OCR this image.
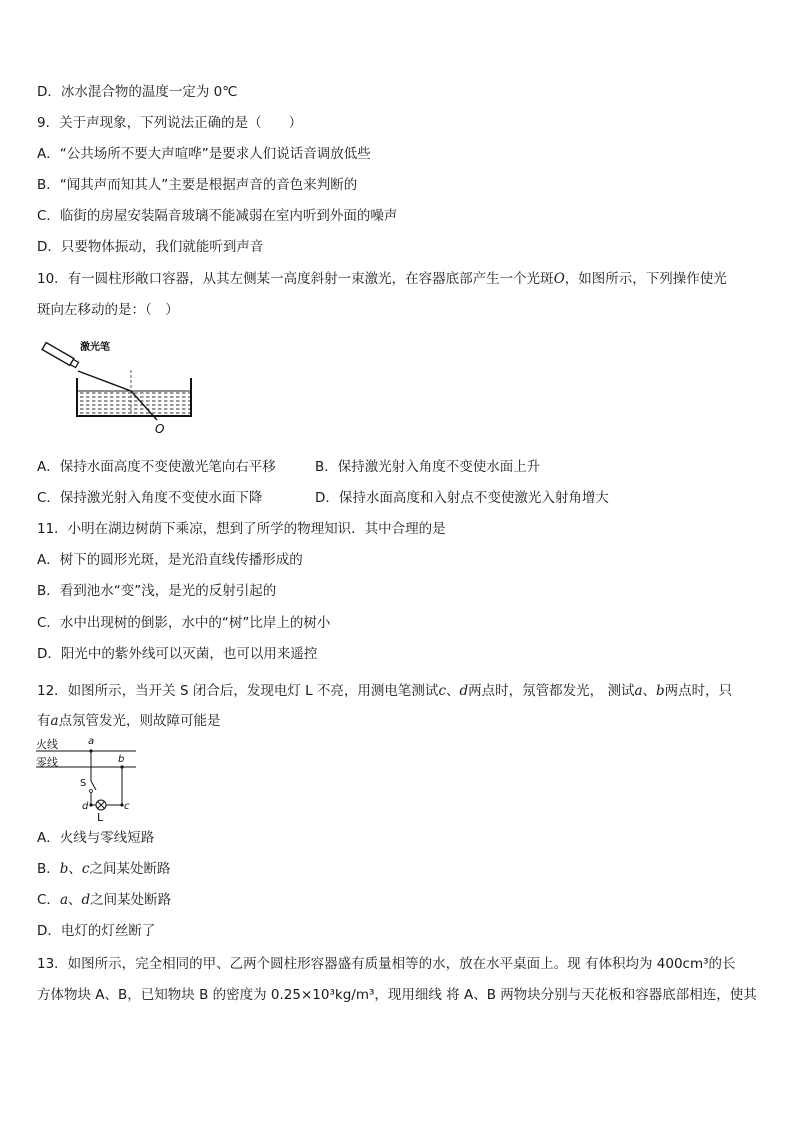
D．冰水混合物的温度一定为 0℃
9．关于声现象，下列说法正确的是（　　）
A．“公共场所不要大声喧哗”是要求人们说话音调放低些
B．“闻其声而知其人”主要是根据声音的音色来判断的
C．临街的房屋安装隔音玻璃不能减弱在室内听到外面的噪声
D．只要物体振动，我们就能听到声音
10．有一圆柱形敞口容器，从其左侧某一高度斜射一束激光，在容器底部产生一个光斑O，如图所示，下列操作使光
斑向左移动的是：（　）
激光笔
O
A．保持水面高度不变使激光笔向右平移	B．保持激光射入角度不变使水面上升
C．保持激光射入角度不变使水面下降	D．保持水面高度和入射点不变使激光入射角增大
11．小明在湖边树荫下乘凉，想到了所学的物理知识．其中合理的是
A．树下的圆形光斑，是光沿直线传播形成的
B．看到池水“变”浅，是光的反射引起的
C．水中出现树的倒影，水中的“树”比岸上的树小
D．阳光中的紫外线可以灭菌，也可以用来遥控
12．如图所示，当开关 S 闭合后，发现电灯 L 不亮，用测电笔测试c、d两点时，氖管都发光， 测试a、b两点时，只
有a点氖管发光，则故障可能是
火线
零线
a
b
S
d
L
c
A．火线与零线短路
B．b、c之间某处断路
C．a、d之间某处断路
D．电灯的灯丝断了
13．如图所示，完全相同的甲、乙两个圆柱形容器盛有质量相等的水，放在水平桌面上。现 有体积均为 400cm³的长
方体物块 A、B，已知物块 B 的密度为 0.25×10³kg/m³，现用细线 将 A、B 两物块分别与天花板和容器底部相连，使其
